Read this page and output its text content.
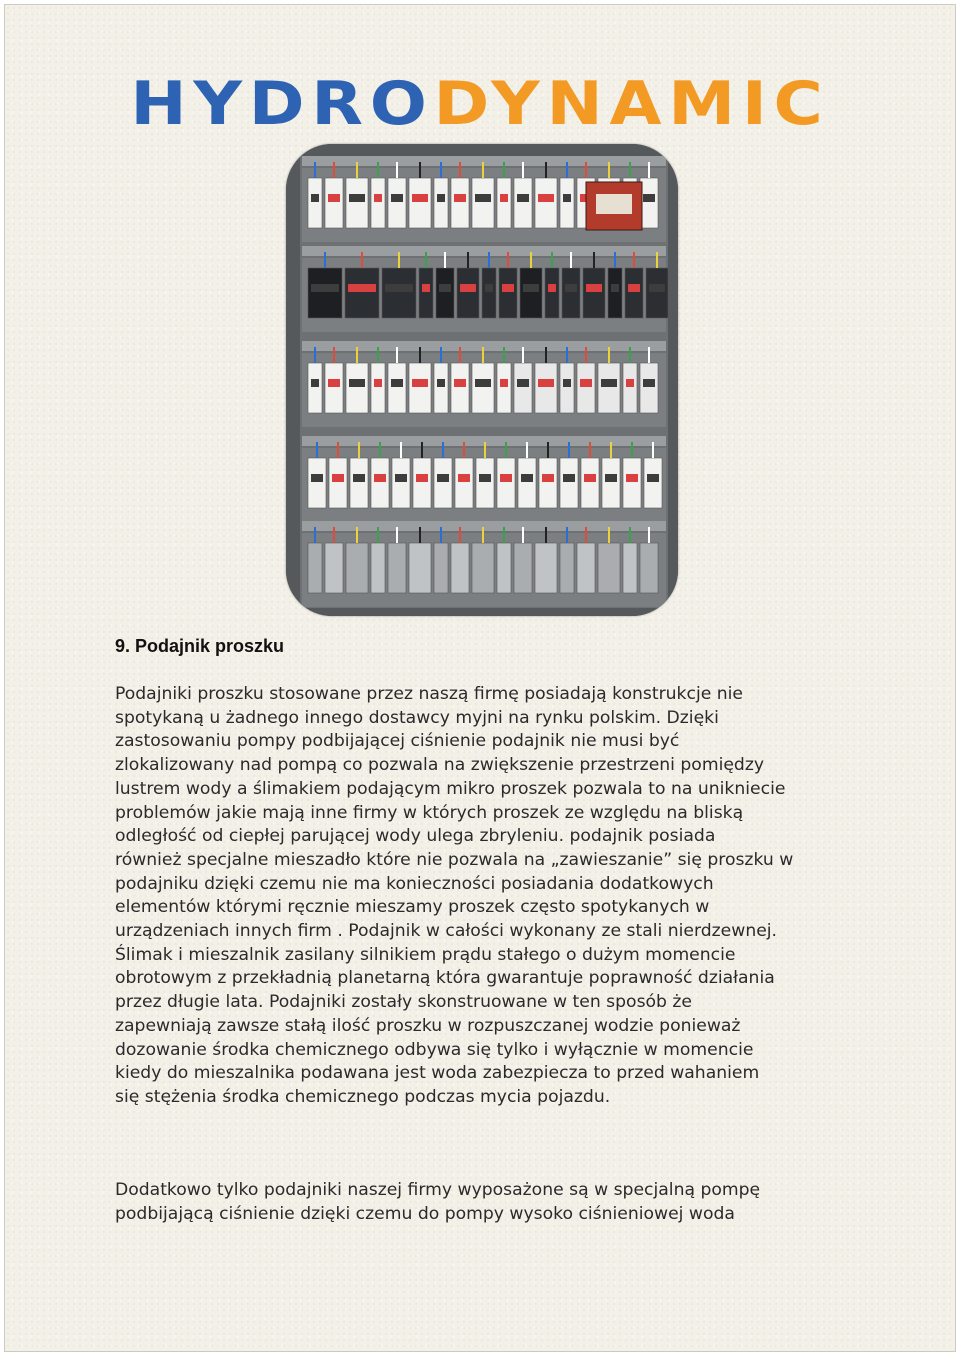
HYDRODYNAMIC
9. Podajnik proszku

Podajniki proszku stosowane przez naszą firmę posiadają konstrukcje nie

spotykaną u żadnego innego dostawcy myjni na rynku polskim. Dzięki

zastosowaniu pompy podbijającej ciśnienie podajnik nie musi być

zlokalizowany nad pompą co pozwala na zwiększenie przestrzeni pomiędzy

lustrem wody a ślimakiem podającym mikro proszek pozwala to na unikniecie

problemów jakie mają inne firmy w których proszek ze względu na bliską

odległość od ciepłej parującej wody ulega zbryleniu. podajnik posiada

również specjalne mieszadło które nie pozwala na „zawieszanie” się proszku w

podajniku dzięki czemu nie ma konieczności posiadania dodatkowych

elementów którymi ręcznie mieszamy proszek często spotykanych w

urządzeniach innych firm . Podajnik w całości wykonany ze stali nierdzewnej.

Ślimak i mieszalnik zasilany silnikiem prądu stałego o dużym momencie

obrotowym z przekładnią planetarną która gwarantuje poprawność działania

przez długie lata. Podajniki zostały skonstruowane w ten sposób że

zapewniają zawsze stałą ilość proszku w rozpuszczanej wodzie ponieważ

dozowanie środka chemicznego odbywa się tylko i wyłącznie w momencie

kiedy do mieszalnika podawana jest woda zabezpiecza to przed wahaniem

się stężenia środka chemicznego podczas mycia pojazdu.

Dodatkowo tylko podajniki naszej firmy wyposażone są w specjalną pompę

podbijającą ciśnienie dzięki czemu do pompy wysoko ciśnieniowej woda
